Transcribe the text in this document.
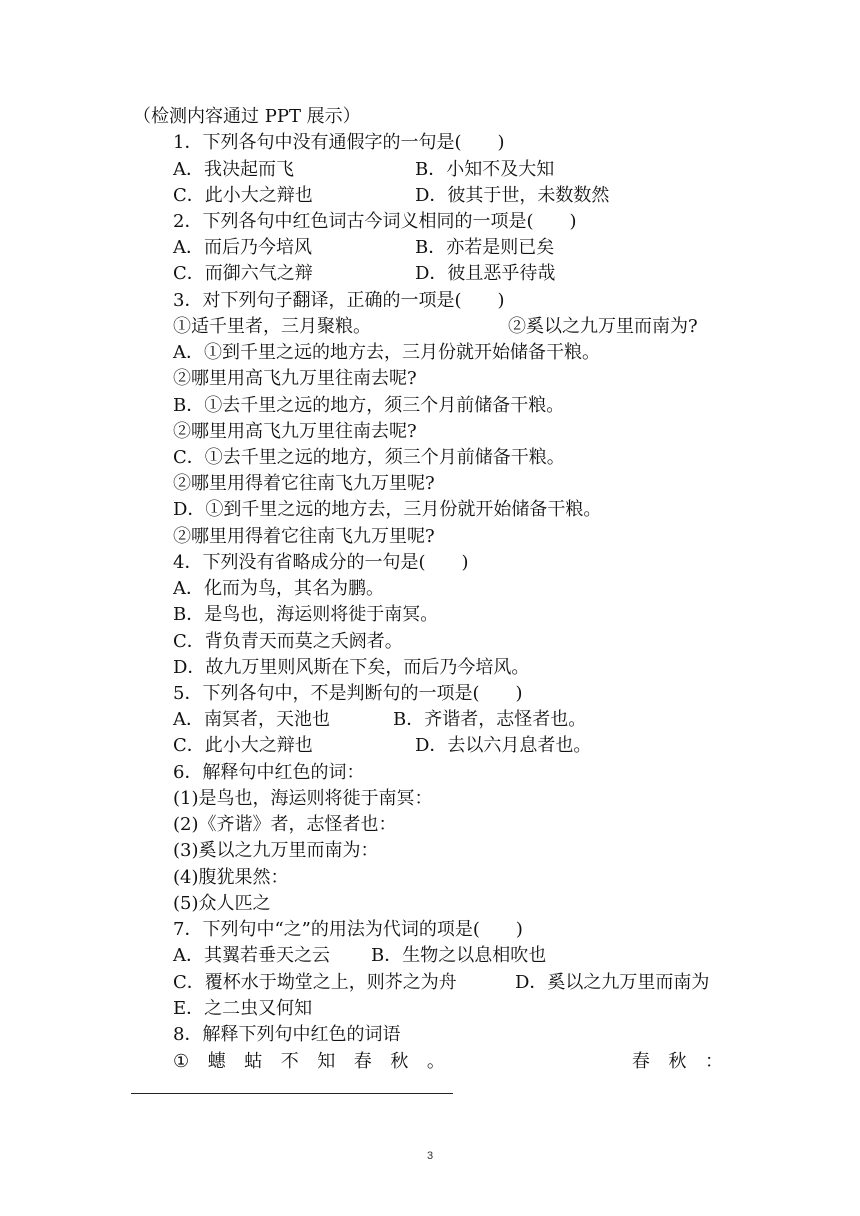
（检测内容通过 PPT 展示）
1．下列各句中没有通假字的一句是(　　)
A．我决起而飞	B．小知不及大知
C．此小大之辩也	D．彼其于世，未数数然
2．下列各句中红色词古今词义相同的一项是(　　)
A．而后乃今培风	B．亦若是则已矣
C．而御六气之辩	D．彼且恶乎待哉
3．对下列句子翻译，正确的一项是(　　)
①适千里者，三月聚粮。	②奚以之九万里而南为?
A．①到千里之远的地方去，三月份就开始储备干粮。
②哪里用高飞九万里往南去呢?
B．①去千里之远的地方，须三个月前储备干粮。
②哪里用高飞九万里往南去呢?
C．①去千里之远的地方，须三个月前储备干粮。
②哪里用得着它往南飞九万里呢?
D．①到千里之远的地方去，三月份就开始储备干粮。
②哪里用得着它往南飞九万里呢?
4．下列没有省略成分的一句是(　　)
A．化而为鸟，其名为鹏。
B．是鸟也，海运则将徙于南冥。
C．背负青天而莫之夭阏者。
D．故九万里则风斯在下矣，而后乃今培风。
5．下列各句中，不是判断句的一项是(　　)
A．南冥者，天池也	B．齐谐者，志怪者也。
C．此小大之辩也	D．去以六月息者也。
6．解释句中红色的词：
(1)是鸟也，海运则将徙于南冥：
(2)《齐谐》者，志怪者也：
(3)奚以之九万里而南为：
(4)腹犹果然：
(5)众人匹之
7．下列句中“之”的用法为代词的项是(　　)
A．其翼若垂天之云 B．生物之以息相吹也
C．覆杯水于坳堂之上，则芥之为舟	D．奚以之九万里而南为
E．之二虫又何知
8．解释下列句中红色的词语
① 蟪 蛄 不 知 春 秋 。	春 秋 ：
3
